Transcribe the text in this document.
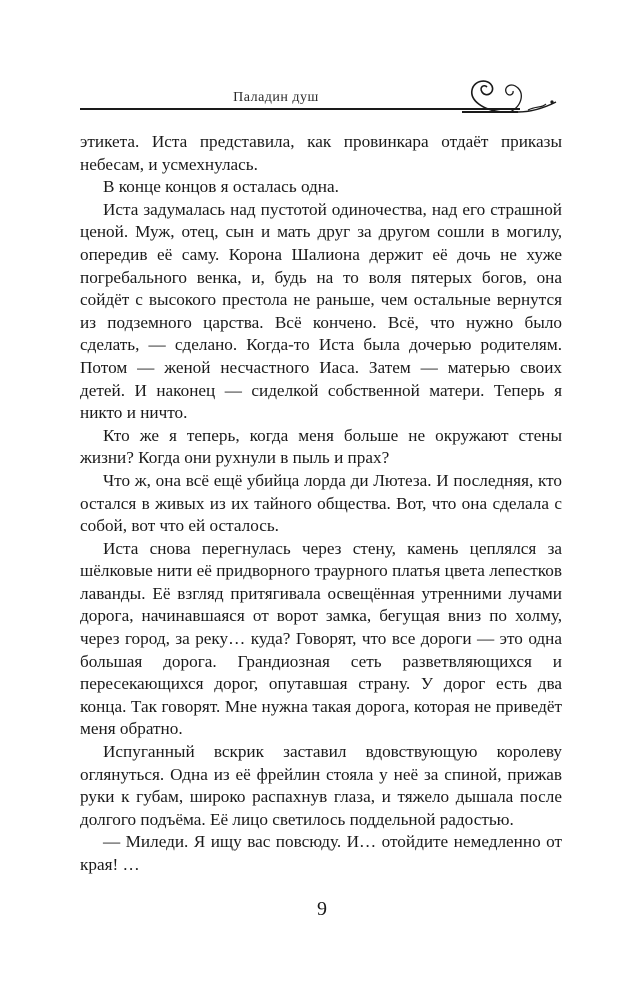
Паладин душ

этикета. Иста представила, как провинкара отдаёт приказы небесам, и усмехнулась.

В конце концов я осталась одна.

Иста задумалась над пустотой одиночества, над его страшной ценой. Муж, отец, сын и мать друг за другом сошли в могилу, опередив её саму. Корона Шалиона держит её дочь не хуже погребального венка, и, будь на то воля пятерых богов, она сойдёт с высокого престола не раньше, чем остальные вернутся из подземного царства. Всё кончено. Всё, что нужно было сделать, — сделано. Когда-то Иста была дочерью родителям. Потом — женой несчастного Иаса. Затем — матерью своих детей. И наконец — сиделкой собственной матери. Теперь я никто и ничто.

Кто же я теперь, когда меня больше не окружают стены жизни? Когда они рухнули в пыль и прах?

Что ж, она всё ещё убийца лорда ди Лютеза. И последняя, кто остался в живых из их тайного общества. Вот, что она сделала с собой, вот что ей осталось.

Иста снова перегнулась через стену, камень цеплялся за шёлковые нити её придворного траурного платья цвета лепестков лаванды. Её взгляд притягивала освещённая утренними лучами дорога, начинавшаяся от ворот замка, бегущая вниз по холму, через город, за реку… куда? Говорят, что все дороги — это одна большая дорога. Грандиозная сеть разветвляющихся и пересекающихся дорог, опутавшая страну. У дорог есть два конца. Так говорят. Мне нужна такая дорога, которая не приведёт меня обратно.

Испуганный вскрик заставил вдовствующую королеву оглянуться. Одна из её фрейлин стояла у неё за спиной, прижав руки к губам, широко распахнув глаза, и тяжело дышала после долгого подъёма. Её лицо светилось поддельной радостью.

— Миледи. Я ищу вас повсюду. И… отойдите немедленно от края! …

9
